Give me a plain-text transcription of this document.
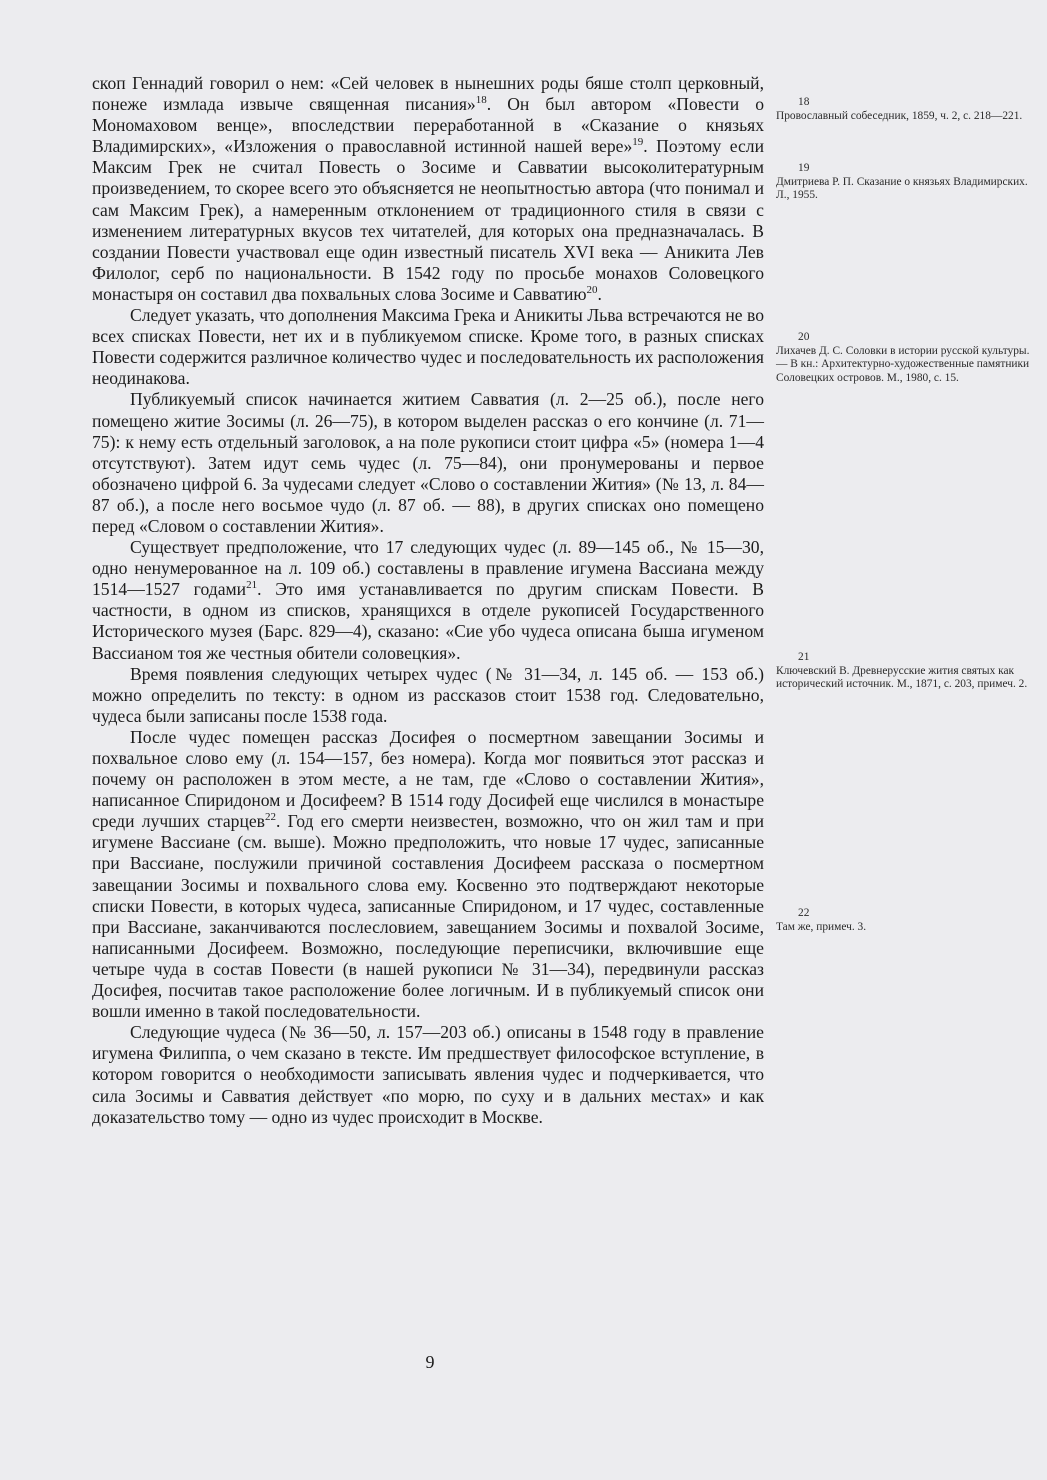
скоп Геннадий говорил о нем: «Сей человек в нынешних роды бяше столп церковный, понеже измлада извыче священная писания»$^{18}$. Он был автором «Повести о Мономаховом венце», впоследствии переработанной в «Сказание о князьях Владимирских», «Изложения о православной истинной нашей вере»$^{19}$. Поэтому если Максим Грек не считал Повесть о Зосиме и Савватии высоколитературным произведением, то скорее всего это объясняется не неопытностью автора (что понимал и сам Максим Грек), а намеренным отклонением от традиционного стиля в связи с изменением литературных вкусов тех читателей, для которых она предназначалась. В создании Повести участвовал еще один известный писатель XVI века — Аникита Лев Филолог, серб по национальности. В 1542 году по просьбе монахов Соловецкого монастыря он составил два похвальных слова Зосиме и Савватию$^{20}$.

Следует указать, что дополнения Максима Грека и Аникиты Льва встречаются не во всех списках Повести, нет их и в публикуемом списке. Кроме того, в разных списках Повести содержится различное количество чудес и последовательность их расположения неодинакова.

Публикуемый список начинается житием Савватия (л. 2—25 об.), после него помещено житие Зосимы (л. 26—75), в котором выделен рассказ о его кончине (л. 71—75): к нему есть отдельный заголовок, а на поле рукописи стоит цифра «5» (номера 1—4 отсутствуют). Затем идут семь чудес (л. 75—84), они пронумерованы и первое обозначено цифрой 6. За чудесами следует «Слово о составлении Жития» (№ 13, л. 84—87 об.), а после него восьмое чудо (л. 87 об. — 88), в других списках оно помещено перед «Словом о составлении Жития».

Существует предположение, что 17 следующих чудес (л. 89—145 об., № 15—30, одно ненумерованное на л. 109 об.) составлены в правление игумена Вассиана между 1514—1527 годами$^{21}$. Это имя устанавливается по другим спискам Повести. В частности, в одном из списков, хранящихся в отделе рукописей Государственного Исторического музея (Барс. 829—4), сказано: «Сие убо чудеса описана быша игуменом Вассианом тоя же честныя обители соловецкия».

Время появления следующих четырех чудес (№ 31—34, л. 145 об. — 153 об.) можно определить по тексту: в одном из рассказов стоит 1538 год. Следовательно, чудеса были записаны после 1538 года.

После чудес помещен рассказ Досифея о посмертном завещании Зосимы и похвальное слово ему (л. 154—157, без номера). Когда мог появиться этот рассказ и почему он расположен в этом месте, а не там, где «Слово о составлении Жития», написанное Спиридоном и Досифеем? В 1514 году Досифей еще числился в монастыре среди лучших старцев$^{22}$. Год его смерти неизвестен, возможно, что он жил там и при игумене Вассиане (см. выше). Можно предположить, что новые 17 чудес, записанные при Вассиане, послужили причиной составления Досифеем рассказа о посмертном завещании Зосимы и похвального слова ему. Косвенно это подтверждают некоторые списки Повести, в которых чудеса, записанные Спиридоном, и 17 чудес, составленные при Вассиане, заканчиваются послесловием, завещанием Зосимы и похвалой Зосиме, написанными Досифеем. Возможно, последующие переписчики, включившие еще четыре чуда в состав Повести (в нашей рукописи № 31—34), передвинули рассказ Досифея, посчитав такое расположение более логичным. И в публикуемый список они вошли именно в такой последовательности.

Следующие чудеса (№ 36—50, л. 157—203 об.) описаны в 1548 году в правление игумена Филиппа, о чем сказано в тексте. Им предшествует философское вступление, в котором говорится о необходимости записывать явления чудес и подчеркивается, что сила Зосимы и Савватия действует «по морю, по суху и в дальних местах» и как доказательство тому — одно из чудес происходит в Москве.

18
Провославный собеседник, 1859, ч. 2, с. 218—221.
19
Дмитриева Р. П. Сказание о князьях Владимирских. Л., 1955.
20
Лихачев Д. С. Соловки в истории русской культуры. — В кн.: Архитектурно-художественные памятники Соловецких островов. М., 1980, с. 15.
21
Ключевский В. Древнерусские жития святых как исторический источник. М., 1871, с. 203, примеч. 2.
22
Там же, примеч. 3.
9
